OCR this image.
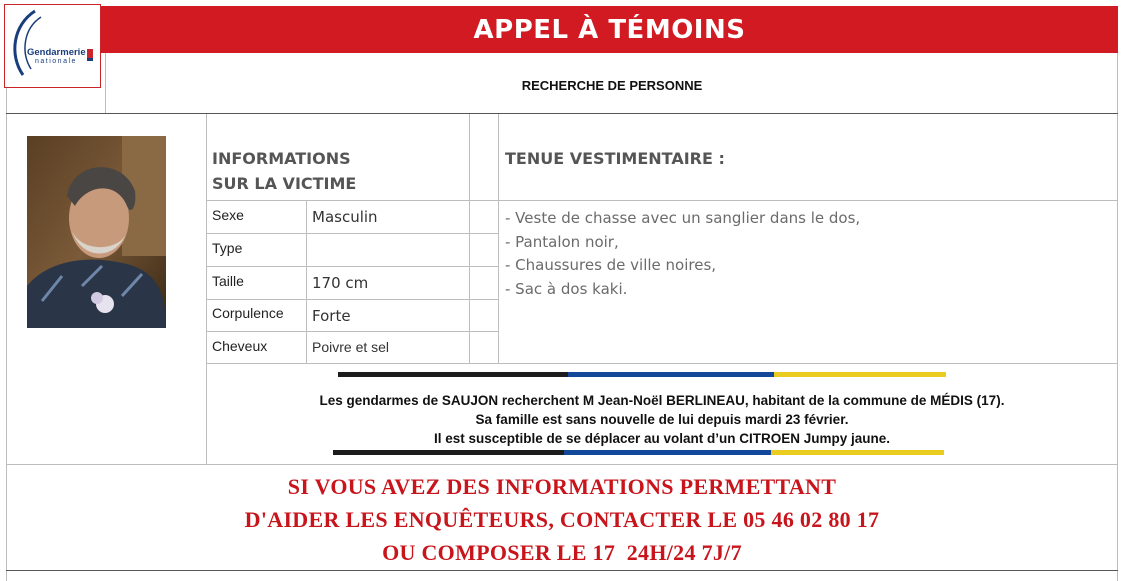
Gendarmerie
nationale
APPEL À TÉMOINS
RECHERCHE DE PERSONNE
INFORMATIONS
SUR LA VICTIME
Sexe	Masculin
Type
Taille	170 cm
Corpulence Forte
Cheveux	Poivre et sel
TENUE VESTIMENTAIRE :
- Veste de chasse avec un sanglier dans le dos,
- Pantalon noir,
- Chaussures de ville noires,
- Sac à dos kaki.
Les gendarmes de SAUJON recherchent M Jean-Noël BERLINEAU, habitant de la commune de MÉDIS (17).
Sa famille est sans nouvelle de lui depuis mardi 23 février.
Il est susceptible de se déplacer au volant d’un CITROEN Jumpy jaune.
SI VOUS AVEZ DES INFORMATIONS PERMETTANT
D'AIDER LES ENQUÊTEURS, CONTACTER LE 05 46 02 80 17
OU COMPOSER LE 17  24H/24 7J/7
